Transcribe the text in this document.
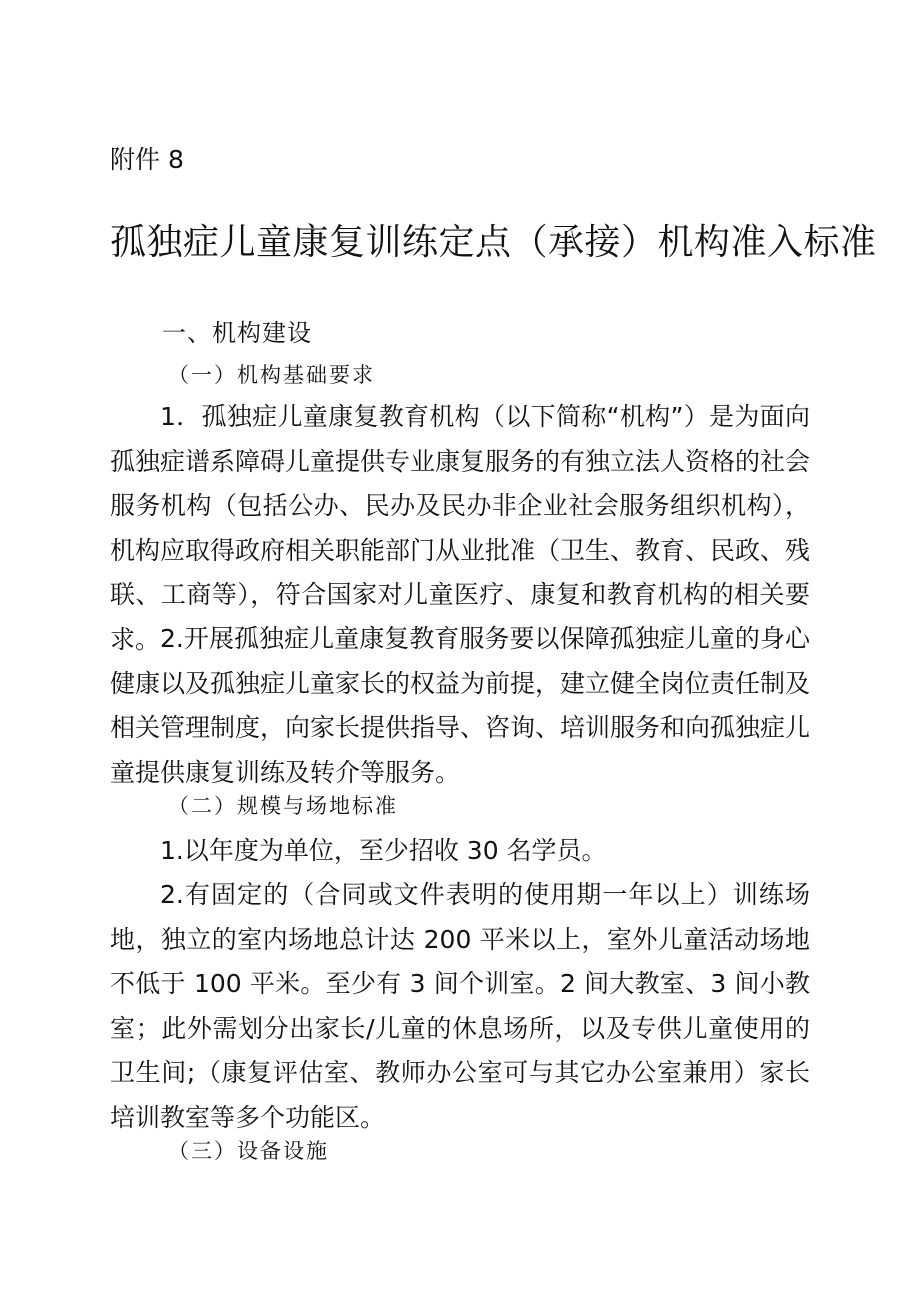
附件 8
孤独症儿童康复训练定点（承接）机构准入标准
一、机构建设
（一）机构基础要求

1．孤独症儿童康复教育机构（以下简称“机构”）是为面向孤独症谱系障碍儿童提供专业康复服务的有独立法人资格的社会服务机构（包括公办、民办及民办非企业社会服务组织机构），机构应取得政府相关职能部门从业批准（卫生、教育、民政、残联、工商等），符合国家对儿童医疗、康复和教育机构的相关要求。 2.开展孤独症儿童康复教育服务要以保障孤独症儿童的身心健康以及孤独症儿童家长的权益为前提，建立健全岗位责任制及相关管理制度，向家长提供指导、咨询、培训服务和向孤独症儿童提供康复训练及转介等服务。

（二）规模与场地标准

1.以年度为单位，至少招收 30 名学员。

2.有固定的（合同或文件表明的使用期一年以上）训练场地，独立的室内场地总计达 200 平米以上，室外儿童活动场地不低于 100 平米。至少有 3 间个训室。2 间大教室、3 间小教室；此外需划分出家长/儿童的休息场所，以及专供儿童使用的卫生间;（康复评估室、教师办公室可与其它办公室兼用）家长培训教室等多个功能区。

（三）设备设施
